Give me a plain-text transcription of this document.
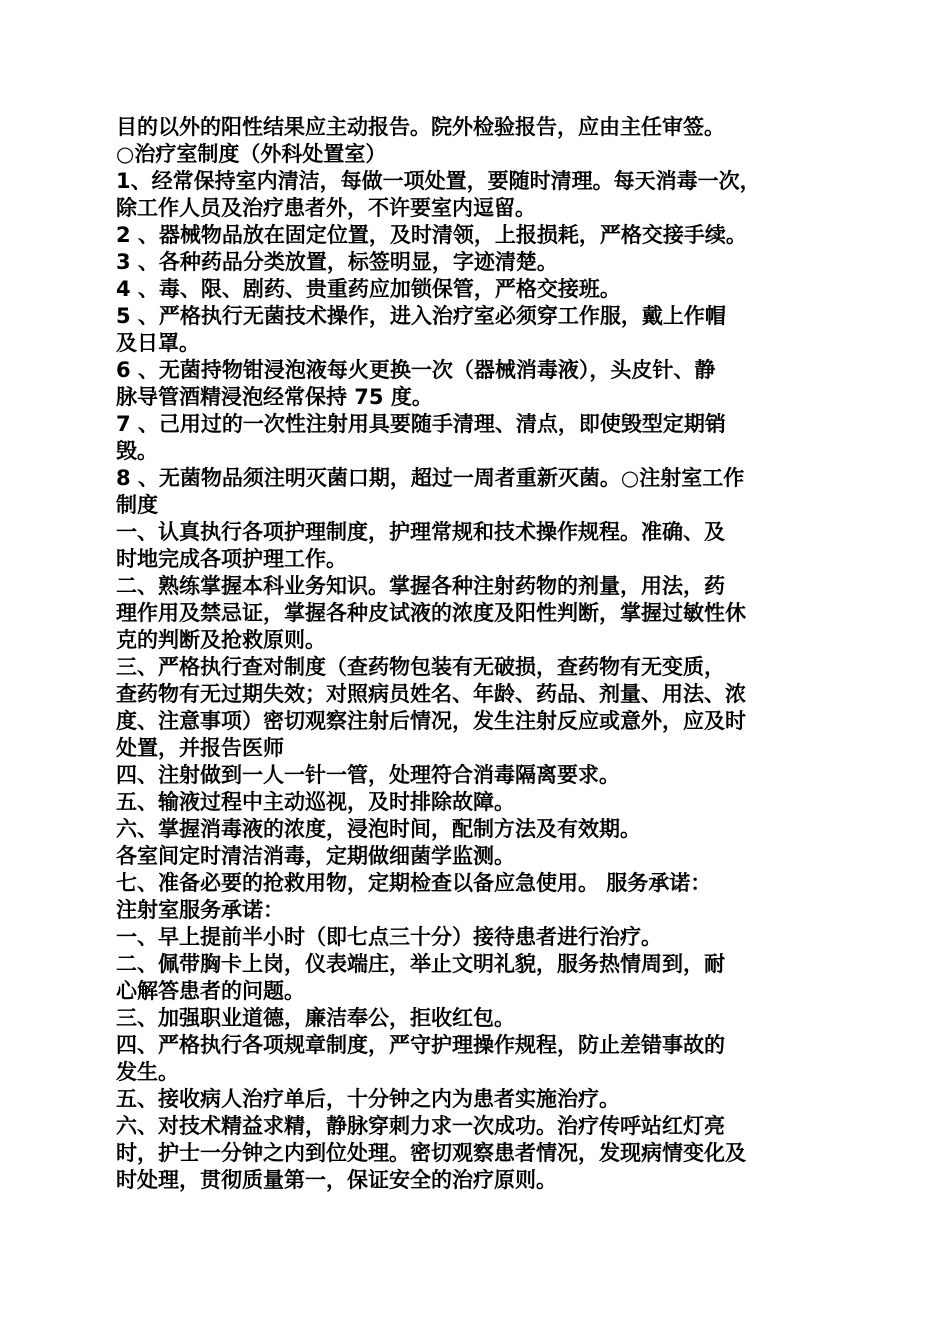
目的以外的阳性结果应主动报告。院外检验报告，应由主任审签。
○治疗室制度（外科处置室）
1、经常保持室内清洁，每做一项处置，要随时清理。每天消毒一次，
除工作人员及治疗患者外，不许要室内逗留。
2 、器械物品放在固定位置，及时清领，上报损耗，严格交接手续。
3 、各种药品分类放置，标签明显，字迹清楚。
4 、毒、限、剧药、贵重药应加锁保管，严格交接班。
5 、严格执行无菌技术操作，进入治疗室必须穿工作服，戴上作帽
及日罩。
6 、无菌持物钳浸泡液每火更换一次（器械消毒液），头皮针、静
脉导管酒精浸泡经常保持 75 度。
7 、己用过的一次性注射用具要随手清理、清点，即使毁型定期销
毁。
8 、无菌物品须注明灭菌口期，超过一周者重新灭菌。○注射室工作
制度
一、认真执行各项护理制度，护理常规和技术操作规程。准确、及
时地完成各项护理工作。
二、熟练掌握本科业务知识。掌握各种注射药物的剂量，用法，药
理作用及禁忌证，掌握各种皮试液的浓度及阳性判断，掌握过敏性休
克的判断及抢救原则。
三、严格执行查对制度（查药物包装有无破损，查药物有无变质，
查药物有无过期失效；对照病员姓名、年龄、药品、剂量、用法、浓
度、注意事项）密切观察注射后情况，发生注射反应或意外，应及时
处置，并报告医师
四、注射做到一人一针一管，处理符合消毒隔离要求。
五、输液过程中主动巡视，及时排除故障。
六、掌握消毒液的浓度，浸泡时间，配制方法及有效期。
各室间定时清洁消毒，定期做细菌学监测。
七、准备必要的抢救用物，定期检查以备应急使用。 服务承诺：
注射室服务承诺：
一、早上提前半小时（即七点三十分）接待患者进行治疗。
二、佩带胸卡上岗，仪表端庄，举止文明礼貌，服务热情周到，耐
心解答患者的问题。
三、加强职业道德，廉洁奉公，拒收红包。
四、严格执行各项规章制度，严守护理操作规程，防止差错事故的
发生。
五、接收病人治疗单后，十分钟之内为患者实施治疗。
六、对技术精益求精，静脉穿刺力求一次成功。治疗传呼站红灯亮
时，护士一分钟之内到位处理。密切观察患者情况，发现病情变化及
时处理，贯彻质量第一，保证安全的治疗原则。
